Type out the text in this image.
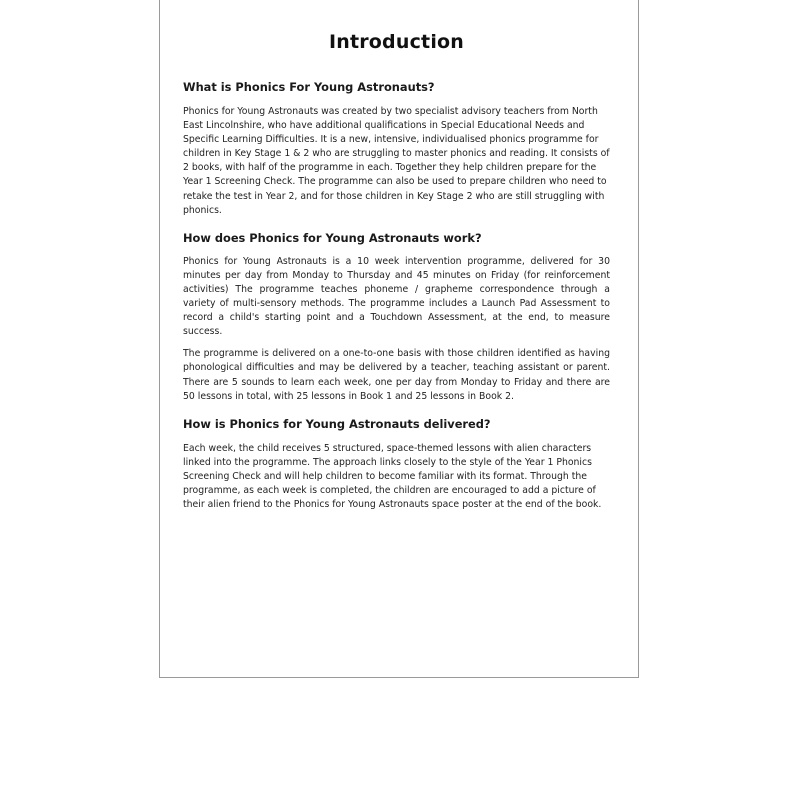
Introduction
What is Phonics For Young Astronauts?

Phonics for Young Astronauts was created by two specialist advisory teachers from North East Lincolnshire, who have additional qualifications in Special Educational Needs and Specific Learning Difficulties. It is a new, intensive, individualised phonics programme for children in Key Stage 1 & 2 who are struggling to master phonics and reading. It consists of 2 books, with half of the programme in each. Together they help children prepare for the Year 1 Screening Check. The programme can also be used to prepare children who need to retake the test in Year 2, and for those children in Key Stage 2 who are still struggling with phonics.

How does Phonics for Young Astronauts work?

Phonics for Young Astronauts is a 10 week intervention programme, delivered for 30 minutes per day from Monday to Thursday and 45 minutes on Friday (for reinforcement activities) The programme teaches phoneme / grapheme correspondence through a variety of multi-sensory methods. The programme includes a Launch Pad Assessment to record a child's starting point and a Touchdown Assessment, at the end, to measure success.

The programme is delivered on a one-to-one basis with those children identified as having phonological difficulties and may be delivered by a teacher, teaching assistant or parent. There are 5 sounds to learn each week, one per day from Monday to Friday and there are 50 lessons in total, with 25 lessons in Book 1 and 25 lessons in Book 2.

How is Phonics for Young Astronauts delivered?

Each week, the child receives 5 structured, space-themed lessons with alien characters linked into the programme. The approach links closely to the style of the Year 1 Phonics Screening Check and will help children to become familiar with its format. Through the programme, as each week is completed, the children are encouraged to add a picture of their alien friend to the Phonics for Young Astronauts space poster at the end of the book.
